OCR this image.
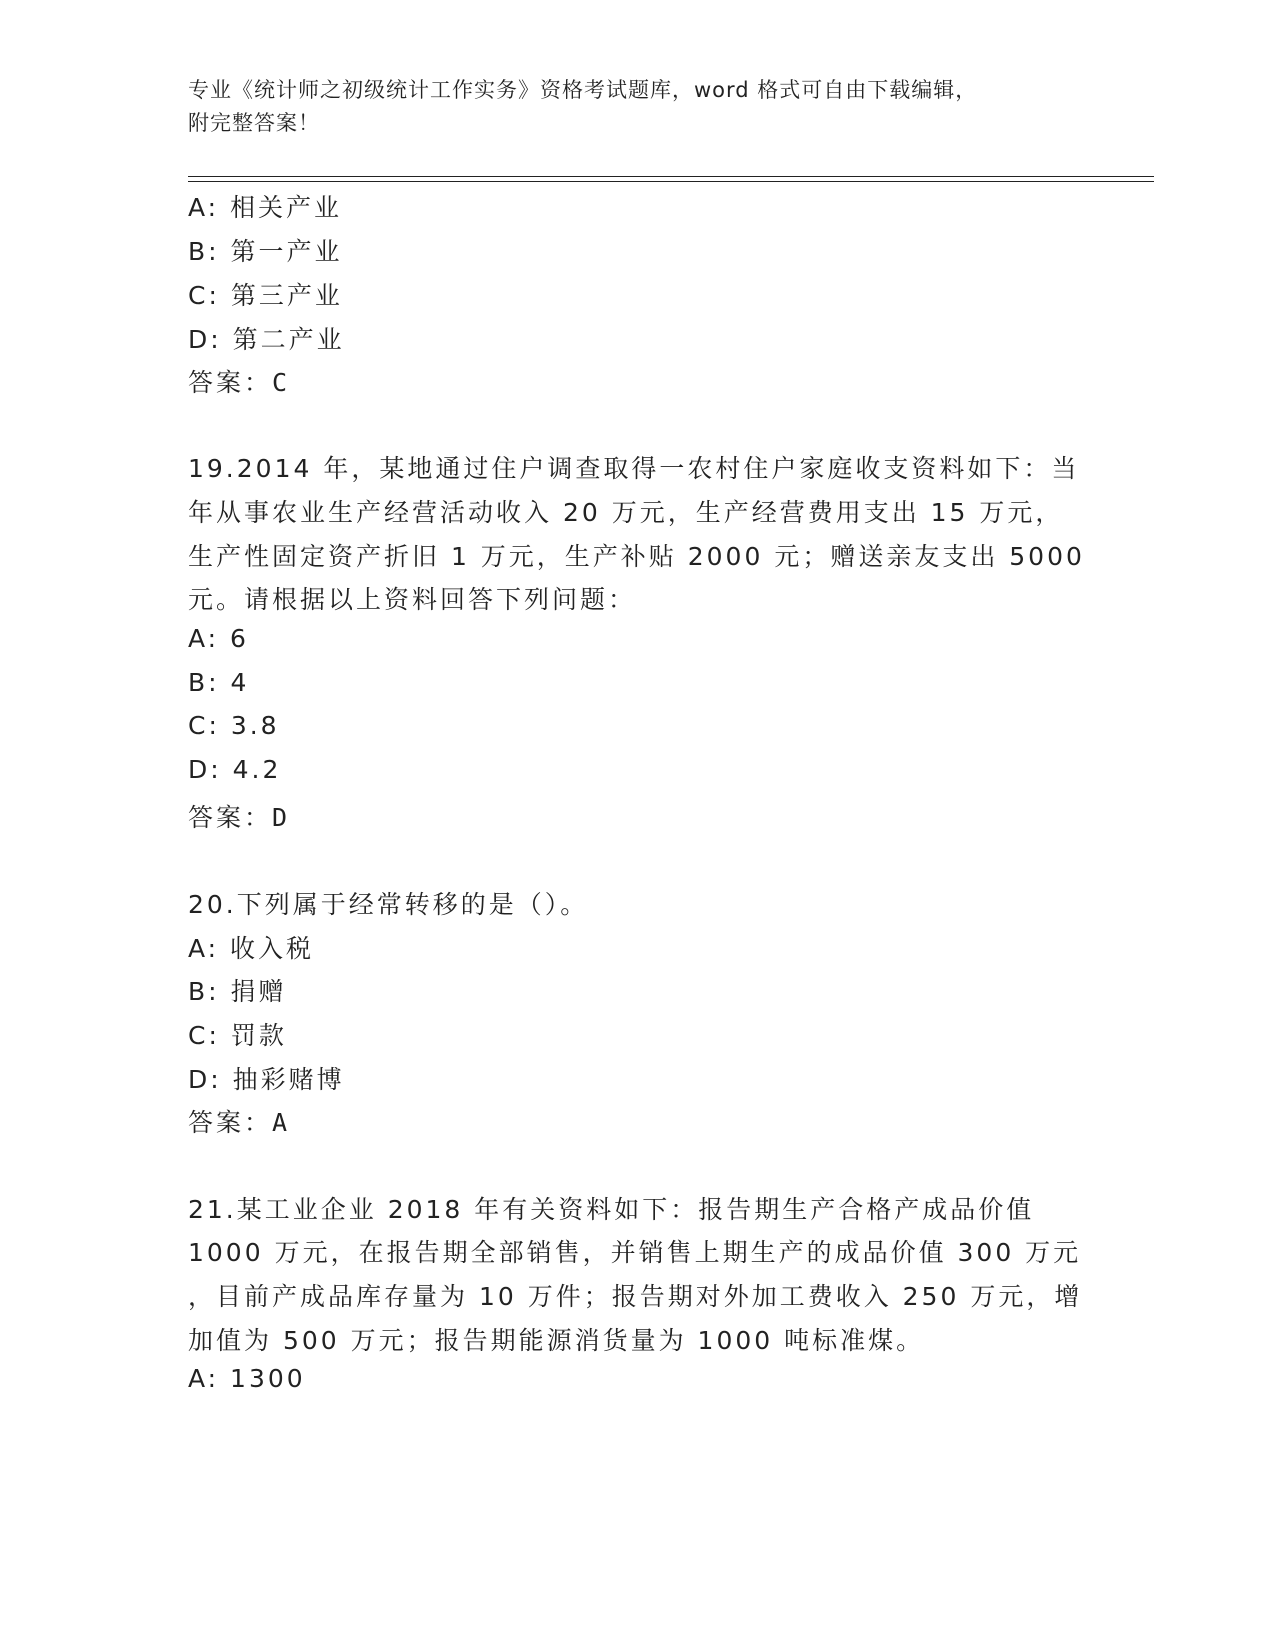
专业《统计师之初级统计工作实务》资格考试题库，word 格式可自由下载编辑，
附完整答案！
A: 相关产业
B: 第一产业
C: 第三产业
D: 第二产业
答案：C
19.2014 年，某地通过住户调查取得一农村住户家庭收支资料如下：当
年从事农业生产经营活动收入 20 万元，生产经营费用支出 15 万元，
生产性固定资产折旧 1 万元，生产补贴 2000 元；赠送亲友支出 5000
元。请根据以上资料回答下列问题：
A: 6
B: 4
C: 3.8
D: 4.2
答案：D
20.下列属于经常转移的是（）。
A: 收入税
B: 捐赠
C: 罚款
D: 抽彩赌博
答案：A
21.某工业企业 2018 年有关资料如下：报告期生产合格产成品价值
1000 万元，在报告期全部销售，并销售上期生产的成品价值 300 万元
，目前产成品库存量为 10 万件；报告期对外加工费收入 250 万元，增
加值为 500 万元；报告期能源消货量为 1000 吨标准煤。
A: 1300
